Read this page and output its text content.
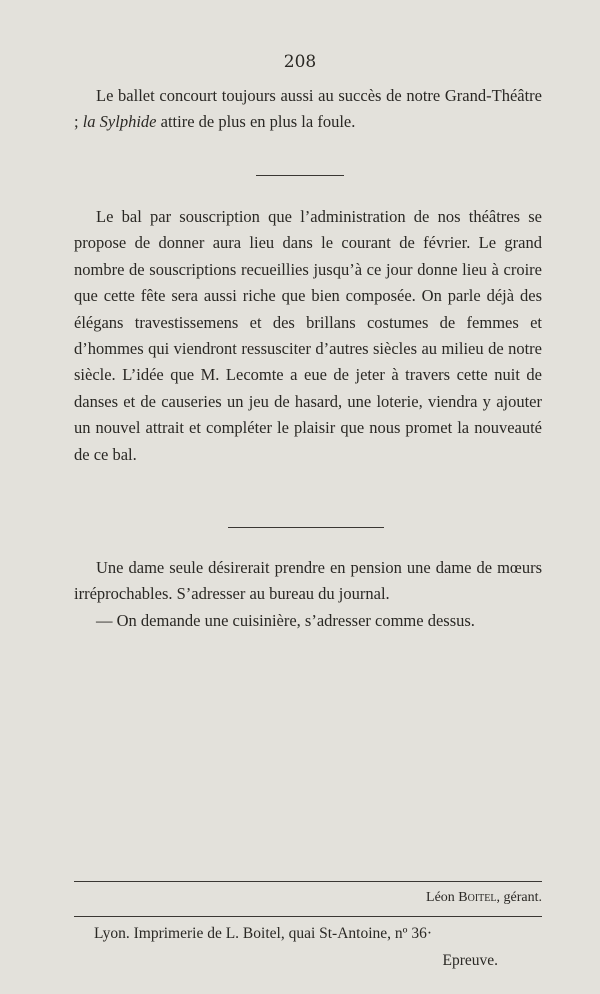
208

Le ballet concourt toujours aussi au succès de notre Grand-Théâtre ; la Sylphide attire de plus en plus la foule.

Le bal par souscription que l’administration de nos théâtres se propose de donner aura lieu dans le courant de février. Le grand nombre de souscriptions recueillies jusqu’à ce jour donne lieu à croire que cette fête sera aussi riche que bien composée. On parle déjà des élégans travestissemens et des brillans costumes de femmes et d’hommes qui viendront ressusciter d’autres siècles au milieu de notre siècle. L’idée que M. Lecomte a eue de jeter à travers cette nuit de danses et de causeries un jeu de hasard, une loterie, viendra y ajouter un nouvel attrait et compléter le plaisir que nous promet la nouveauté de ce bal.

Une dame seule désirerait prendre en pension une dame de mœurs irréprochables. S’adresser au bureau du journal.

— On demande une cuisinière, s’adresser comme dessus.

Léon Boitel, gérant.
Lyon. Imprimerie de L. Boitel, quai St-Antoine, nº 36·
Epreuve.
